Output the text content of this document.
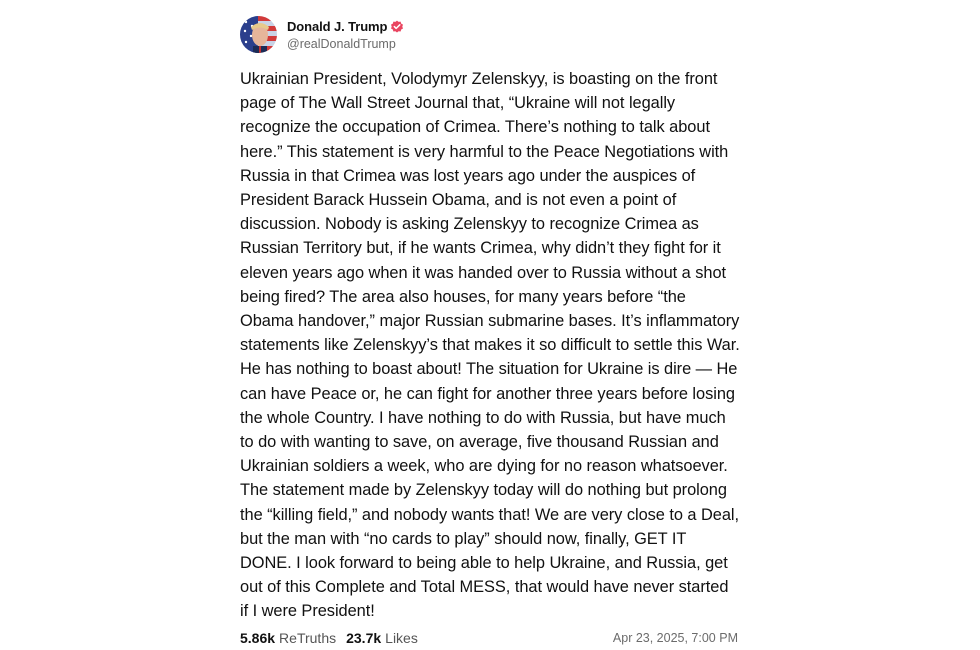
Donald J. Trump
@realDonaldTrump
Ukrainian President, Volodymyr Zelenskyy, is boasting on the front page of The Wall Street Journal that, “Ukraine will not legally recognize the occupation of Crimea. There’s nothing to talk about here.” This statement is very harmful to the Peace Negotiations with Russia in that Crimea was lost years ago under the auspices of President Barack Hussein Obama, and is not even a point of discussion. Nobody is asking Zelenskyy to recognize Crimea as Russian Territory but, if he wants Crimea, why didn’t they fight for it eleven years ago when it was handed over to Russia without a shot being fired? The area also houses, for many years before “the Obama handover,” major Russian submarine bases. It’s inflammatory statements like Zelenskyy’s that makes it so difficult to settle this War. He has nothing to boast about! The situation for Ukraine is dire — He can have Peace or, he can fight for another three years before losing the whole Country. I have nothing to do with Russia, but have much to do with wanting to save, on average, five thousand Russian and Ukrainian soldiers a week, who are dying for no reason whatsoever. The statement made by Zelenskyy today will do nothing but prolong the “killing field,” and nobody wants that! We are very close to a Deal, but the man with “no cards to play” should now, finally, GET IT DONE. I look forward to being able to help Ukraine, and Russia, get out of this Complete and Total MESS, that would have never started if I were President!
5.86k ReTruths 23.7k Likes	Apr 23, 2025, 7:00 PM
